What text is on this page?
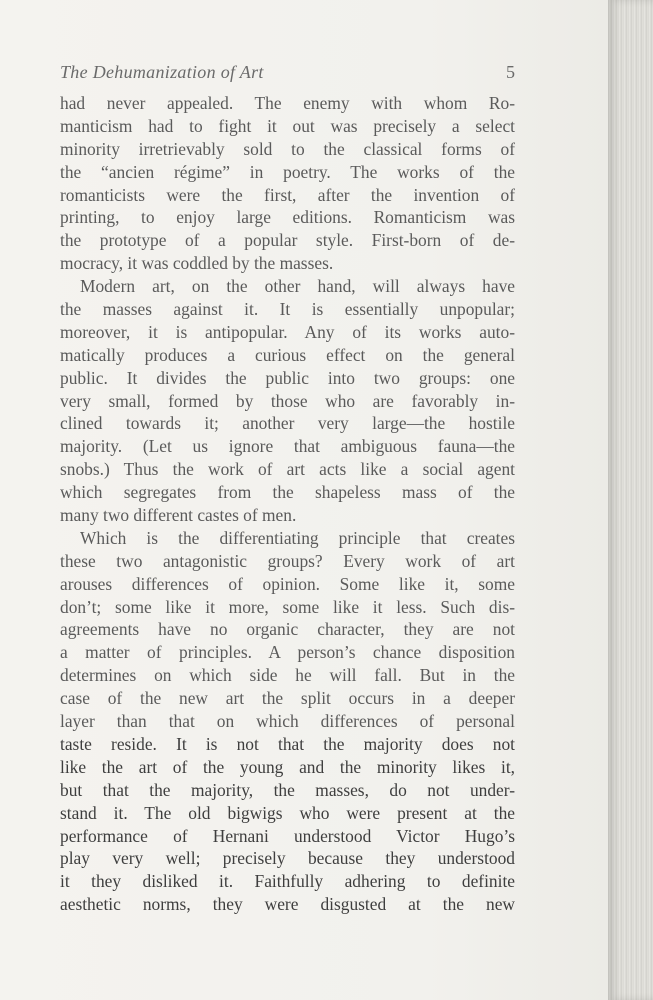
The Dehumanization of Art	5
had never appealed. The enemy with whom Ro-
manticism had to fight it out was precisely a select
minority irretrievably sold to the classical forms of
the “ancien régime” in poetry. The works of the
romanticists were the first, after the invention of
printing, to enjoy large editions. Romanticism was
the prototype of a popular style. First-born of de-
mocracy, it was coddled by the masses.
Modern art, on the other hand, will always have
the masses against it. It is essentially unpopular;
moreover, it is antipopular. Any of its works auto-
matically produces a curious effect on the general
public. It divides the public into two groups: one
very small, formed by those who are favorably in-
clined towards it; another very large—the hostile
majority. (Let us ignore that ambiguous fauna—the
snobs.) Thus the work of art acts like a social agent
which segregates from the shapeless mass of the
many two different castes of men.
Which is the differentiating principle that creates
these two antagonistic groups? Every work of art
arouses differences of opinion. Some like it, some
don’t; some like it more, some like it less. Such dis-
agreements have no organic character, they are not
a matter of principles. A person’s chance disposition
determines on which side he will fall. But in the
case of the new art the split occurs in a deeper
layer than that on which differences of personal
taste reside. It is not that the majority does not
like the art of the young and the minority likes it,
but that the majority, the masses, do not under-
stand it. The old bigwigs who were present at the
performance of Hernani understood Victor Hugo’s
play very well; precisely because they understood
it they disliked it. Faithfully adhering to definite
aesthetic norms, they were disgusted at the new
